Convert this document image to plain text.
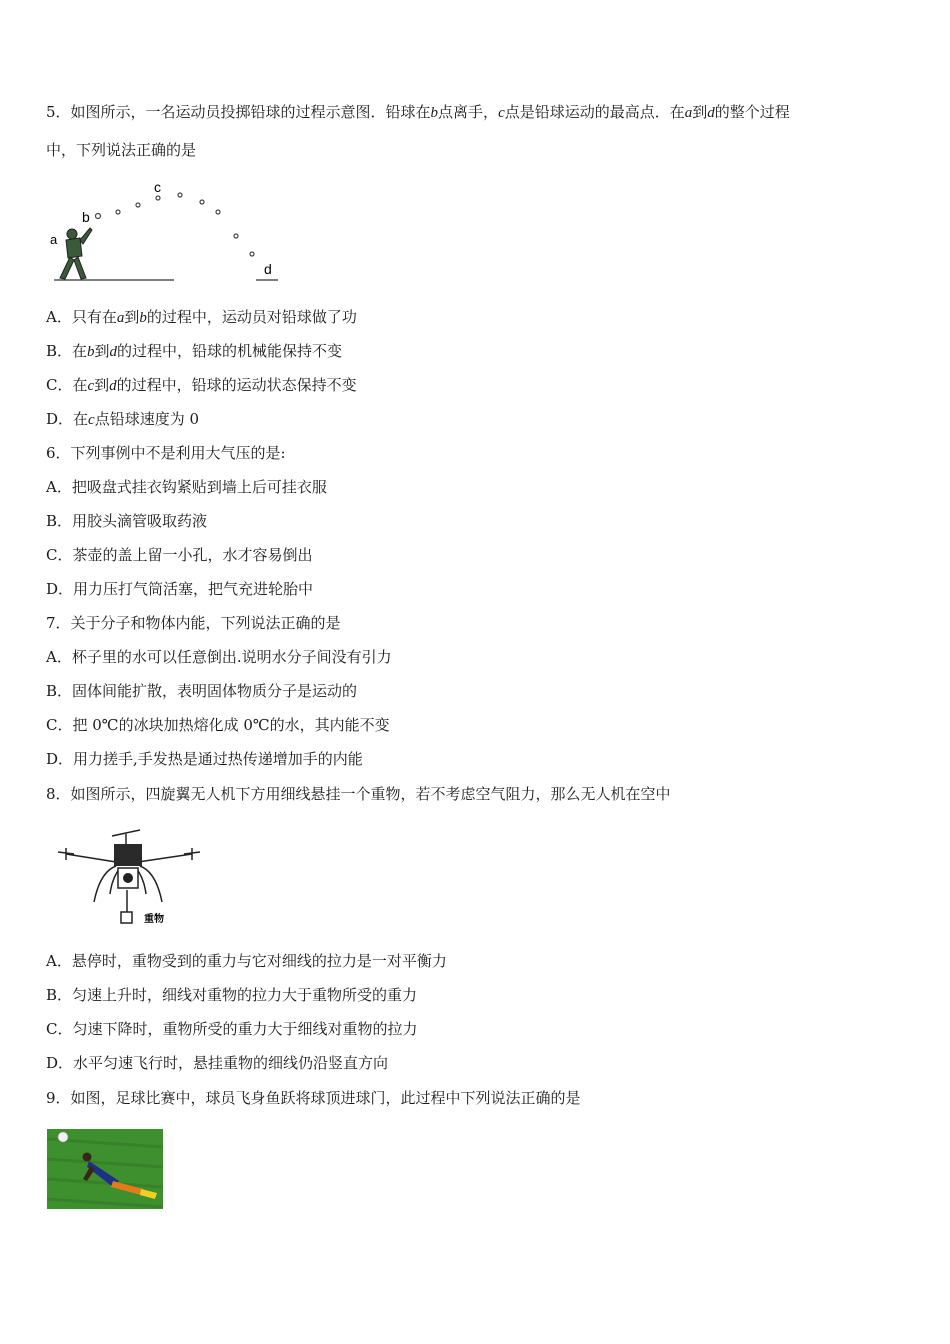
5．如图所示，一名运动员投掷铅球的过程示意图．铅球在b点离手，c点是铅球运动的最高点．在a到d的整个过程
中，下列说法正确的是
a
b
c
d
A．只有在a到b的过程中，运动员对铅球做了功
B．在b到d的过程中，铅球的机械能保持不变
C．在c到d的过程中，铅球的运动状态保持不变
D．在c点铅球速度为 0
6．下列事例中不是利用大气压的是:
A．把吸盘式挂衣钩紧贴到墙上后可挂衣服
B．用胶头滴管吸取药液
C．茶壶的盖上留一小孔，水才容易倒出
D．用力压打气筒活塞，把气充进轮胎中
7．关于分子和物体内能，下列说法正确的是
A．杯子里的水可以任意倒出.说明水分子间没有引力
B．固体间能扩散，表明固体物质分子是运动的
C．把 0℃的冰块加热熔化成 0℃的水，其内能不变
D．用力搓手,手发热是通过热传递增加手的内能
8．如图所示，四旋翼无人机下方用细线悬挂一个重物，若不考虑空气阻力，那么无人机在空中
重物
A．悬停时，重物受到的重力与它对细线的拉力是一对平衡力
B．匀速上升时，细线对重物的拉力大于重物所受的重力
C．匀速下降时，重物所受的重力大于细线对重物的拉力
D．水平匀速飞行时，悬挂重物的细线仍沿竖直方向
9．如图，足球比赛中，球员飞身鱼跃将球顶进球门，此过程中下列说法正确的是
